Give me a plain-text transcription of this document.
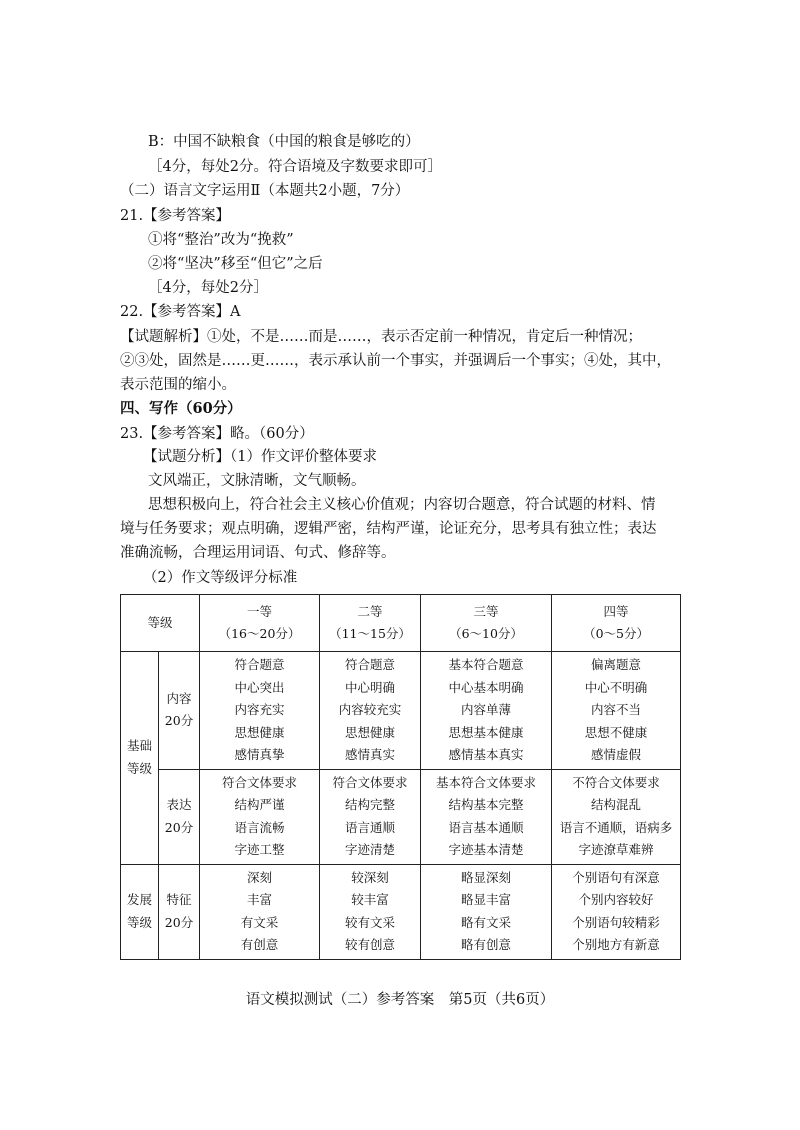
B：中国不缺粮食（中国的粮食是够吃的）
［4分，每处2分。符合语境及字数要求即可］
（二）语言文字运用Ⅱ（本题共2小题，7分）
21.【参考答案】
①将“整治”改为“挽救”
②将“坚决”移至“但它”之后
［4分，每处2分］
22.【参考答案】A
【试题解析】①处，不是……而是……，表示否定前一种情况，肯定后一种情况；
②③处，固然是……更……，表示承认前一个事实，并强调后一个事实；④处，其中，
表示范围的缩小。
四、写作（60分）
23.【参考答案】略。（60分）
【试题分析】（1）作文评价整体要求
文风端正，文脉清晰，文气顺畅。
思想积极向上，符合社会主义核心价值观；内容切合题意，符合试题的材料、情
境与任务要求；观点明确，逻辑严密，结构严谨，论证充分，思考具有独立性；表达
准确流畅，合理运用词语、句式、修辞等。
（2）作文等级评分标准
等级		一等
（16～20分）	二等
（11～15分）	三等
（6～10分）	四等
（0～5分）

基础
等级	内容
20分	符合题意
中心突出
内容充实
思想健康
感情真挚	符合题意
中心明确
内容较充实
思想健康
感情真实	基本符合题意
中心基本明确
内容单薄
思想基本健康
感情基本真实	偏离题意
中心不明确
内容不当
思想不健康
感情虚假

	表达
20分	符合文体要求
结构严谨
语言流畅
字迹工整	符合文体要求
结构完整
语言通顺
字迹清楚	基本符合文体要求
结构基本完整
语言基本通顺
字迹基本清楚	不符合文体要求
结构混乱
语言不通顺，语病多
字迹潦草难辨

发展
等级	特征
20分	深刻
丰富
有文采
有创意	较深刻
较丰富
较有文采
较有创意	略显深刻
略显丰富
略有文采
略有创意	个别语句有深意
个别内容较好
个别语句较精彩
个别地方有新意
语文模拟测试（二）参考答案　第5页（共6页）
